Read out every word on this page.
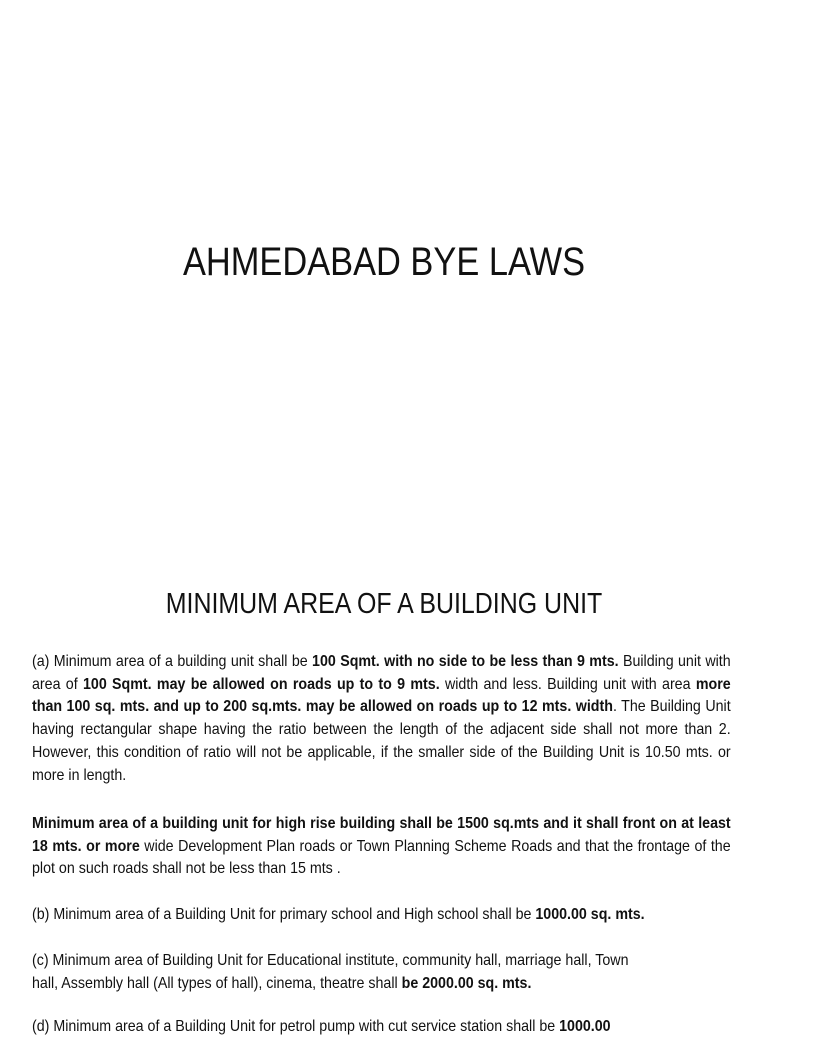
AHMEDABAD BYE LAWS
MINIMUM AREA OF A BUILDING UNIT

(a) Minimum area of a building unit shall be 100 Sqmt. with no side to be less than 9 mts. Building unit with area of 100 Sqmt. may be allowed on roads up to to 9 mts. width and less. Building unit with area more than 100 sq. mts. and up to 200 sq.mts. may be allowed on roads up to 12 mts. width. The Building Unit having rectangular shape having the ratio between the length of the adjacent side shall not more than 2. However, this condition of ratio will not be applicable, if the smaller side of the Building Unit is 10.50 mts. or more in length.

Minimum area of a building unit for high rise building shall be 1500 sq.mts and it shall front on at least 18 mts. or more wide Development Plan roads or Town Planning Scheme Roads and that the frontage of the plot on such roads shall not be less than 15 mts .

(b) Minimum area of a Building Unit for primary school and High school shall be 1000.00 sq. mts.

(c) Minimum area of Building Unit for Educational institute, community hall, marriage hall, Town
hall, Assembly hall (All types of hall), cinema, theatre shall be 2000.00 sq. mts.

(d) Minimum area of a Building Unit for petrol pump with cut service station shall be 1000.00
